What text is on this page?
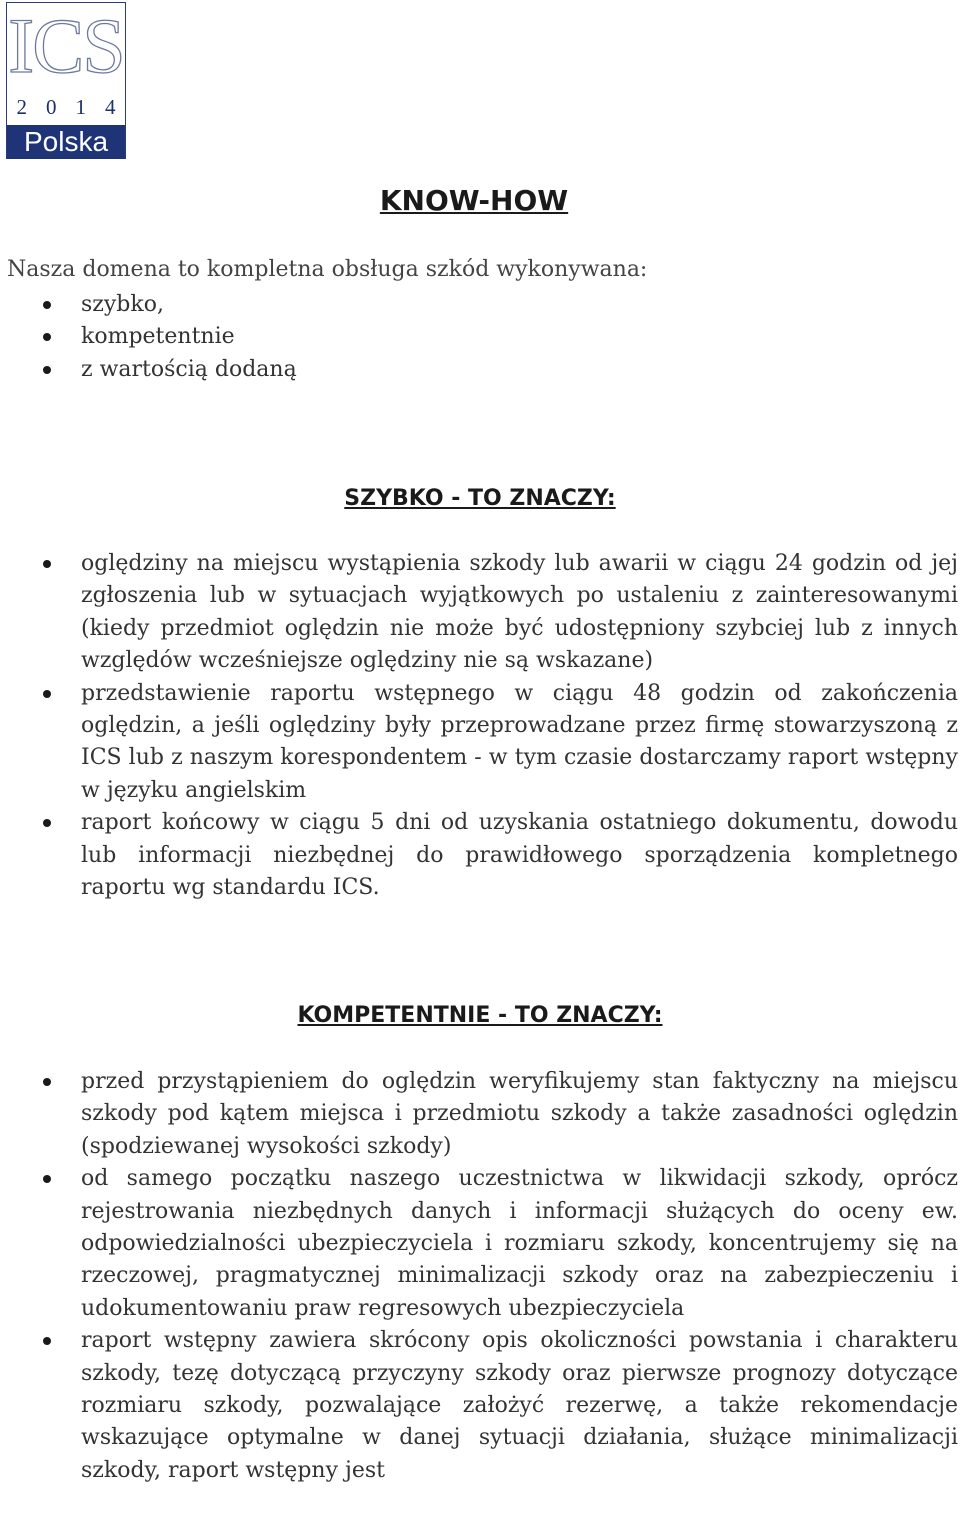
ICS
2 0 1 4
Polska
KNOW-HOW

Nasza domena to kompletna obsługa szkód wykonywana:

szybko,
kompetentnie
z wartością dodaną
SZYBKO - TO ZNACZY:
oględziny na miejscu wystąpienia szkody lub awarii w ciągu 24 godzin od jej zgłoszenia lub w sytuacjach wyjątkowych po ustaleniu z zainteresowanymi (kiedy przedmiot oględzin nie może być udostępniony szybciej lub z innych względów wcześniejsze oględziny nie są wskazane)
przedstawienie raportu wstępnego w ciągu 48 godzin od zakończenia oględzin, a jeśli oględziny były przeprowadzane przez firmę stowarzyszoną z ICS lub z naszym korespondentem - w tym czasie dostarczamy raport wstępny w języku angielskim
raport końcowy w ciągu 5 dni od uzyskania ostatniego dokumentu, dowodu lub informacji niezbędnej do prawidłowego sporządzenia kompletnego raportu wg standardu ICS.
KOMPETENTNIE - TO ZNACZY:
przed przystąpieniem do oględzin weryfikujemy stan faktyczny na miejscu szkody pod kątem miejsca i przedmiotu szkody a także zasadności oględzin (spodziewanej wysokości szkody)
od samego początku naszego uczestnictwa w likwidacji szkody, oprócz rejestrowania niezbędnych danych i informacji służących do oceny ew. odpowiedzialności ubezpieczyciela i rozmiaru szkody, koncentrujemy się na rzeczowej, pragmatycznej minimalizacji szkody oraz na zabezpieczeniu i udokumentowaniu praw regresowych ubezpieczyciela
raport wstępny zawiera skrócony opis okoliczności powstania i charakteru szkody, tezę dotyczącą przyczyny szkody oraz pierwsze prognozy dotyczące rozmiaru szkody, pozwalające założyć rezerwę, a także rekomendacje wskazujące optymalne w danej sytuacji działania, służące minimalizacji szkody, raport wstępny jest
